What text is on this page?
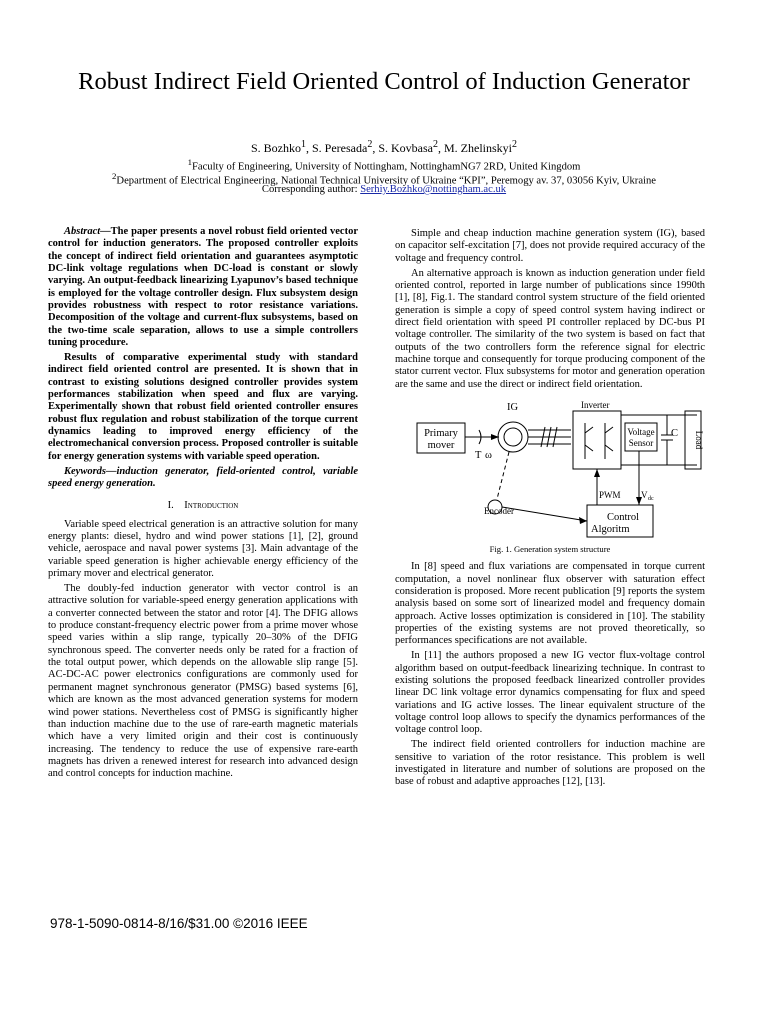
Robust Indirect Field Oriented Control of Induction Generator
S. Bozhko$^1$, S. Peresada$^2$, S. Kovbasa$^2$, M. Zhelinskyi$^2$
$^1$Faculty of Engineering, University of Nottingham, NottinghamNG7 2RD, United Kingdom
$^2$Department of Electrical Engineering, National Technical University of Ukraine “KPI”, Peremogy av. 37, 03056 Kyiv, Ukraine
Corresponding author: Serhiy.Bozhko@nottingham.ac.uk

Abstract—The paper presents a novel robust field oriented vector control for induction generators. The proposed controller exploits the concept of indirect field orientation and guarantees asymptotic DC-link voltage regulations when DC-load is constant or slowly varying. An output-feedback linearizing Lyapunov’s based technique is employed for the voltage controller design. Flux subsystem design provides robustness with respect to rotor resistance variations. Decomposition of the voltage and current-flux subsystems, based on the two-time scale separation, allows to use a simple controllers tuning procedure.

Results of comparative experimental study with standard indirect field oriented control are presented. It is shown that in contrast to existing solutions designed controller provides system performances stabilization when speed and flux are varying. Experimentally shown that robust field oriented controller ensures robust flux regulation and robust stabilization of the torque current dynamics leading to improved energy efficiency of the electromechanical conversion process. Proposed controller is suitable for energy generation systems with variable speed operation.

Keywords—induction generator, field-oriented control, variable speed energy generation.

I. Introduction

Variable speed electrical generation is an attractive solution for many energy plants: diesel, hydro and wind power stations [1], [2], ground vehicle, aerospace and naval power systems [3]. Main advantage of the variable speed generation is higher achievable energy efficiency of the primary mover and electrical generator.

The doubly-fed induction generator with vector control is an attractive solution for variable-speed energy generation applications with a converter connected between the stator and rotor [4]. The DFIG allows to produce constant-frequency electric power from a prime mover whose speed varies within a slip range, typically 20–30% of the DFIG synchronous speed. The converter needs only be rated for a fraction of the total output power, which depends on the allowable slip range [5]. AC-DC-AC power electronics configurations are commonly used for permanent magnet synchronous generator (PMSG) based systems [6], which are known as the most advanced generation systems for modern wind power stations. Nevertheless cost of PMSG is significantly higher than induction machine due to the use of rare-earth magnetic materials which have a very limited origin and their cost is continuously increasing. The tendency to reduce the use of expensive rare-earth magnets has driven a renewed interest for research into advanced design and control concepts for induction machine.

Simple and cheap induction machine generation system (IG), based on capacitor self-excitation [7], does not provide required accuracy of the voltage and frequency control.

An alternative approach is known as induction generation under field oriented control, reported in large number of publications since 1990th [1], [8], Fig.1. The standard control system structure of the field oriented generation is simple a copy of speed control system having indirect or direct field orientation with speed PI controller replaced by DC-bus PI voltage controller. The similarity of the two system is based on fact that outputs of the two controllers form the reference signal for electric machine torque and consequently for torque producing component of the stator current vector. Flux subsystems for motor and generation operation are the same and use the direct or indirect field orientation.

Primary
mover
IG
T ω
C
Algoritm
Control
Inverter
Voltage
Sensor
PWM V dc
Encoder
Load
Fig. 1. Generation system structure

In [8] speed and flux variations are compensated in torque current computation, a novel nonlinear flux observer with saturation effect consideration is proposed. More recent publication [9] reports the system analysis based on some sort of linearized model and frequency domain approach. Active losses optimization is considered in [10]. The stability properties of the existing systems are not proved theoretically, so performances specifications are not available.

In [11] the authors proposed a new IG vector flux-voltage control algorithm based on output-feedback linearizing technique. In contrast to existing solutions the proposed feedback linearized controller provides linear DC link voltage error dynamics compensating for flux and speed variations and IG active losses. The linear equivalent structure of the voltage control loop allows to specify the dynamics performances of the voltage control loop.

The indirect field oriented controllers for induction machine are sensitive to variation of the rotor resistance. This problem is well investigated in literature and number of solutions are proposed on the base of robust and adaptive approaches [12], [13].

978-1-5090-0814-8/16/$31.00 ©2016 IEEE
